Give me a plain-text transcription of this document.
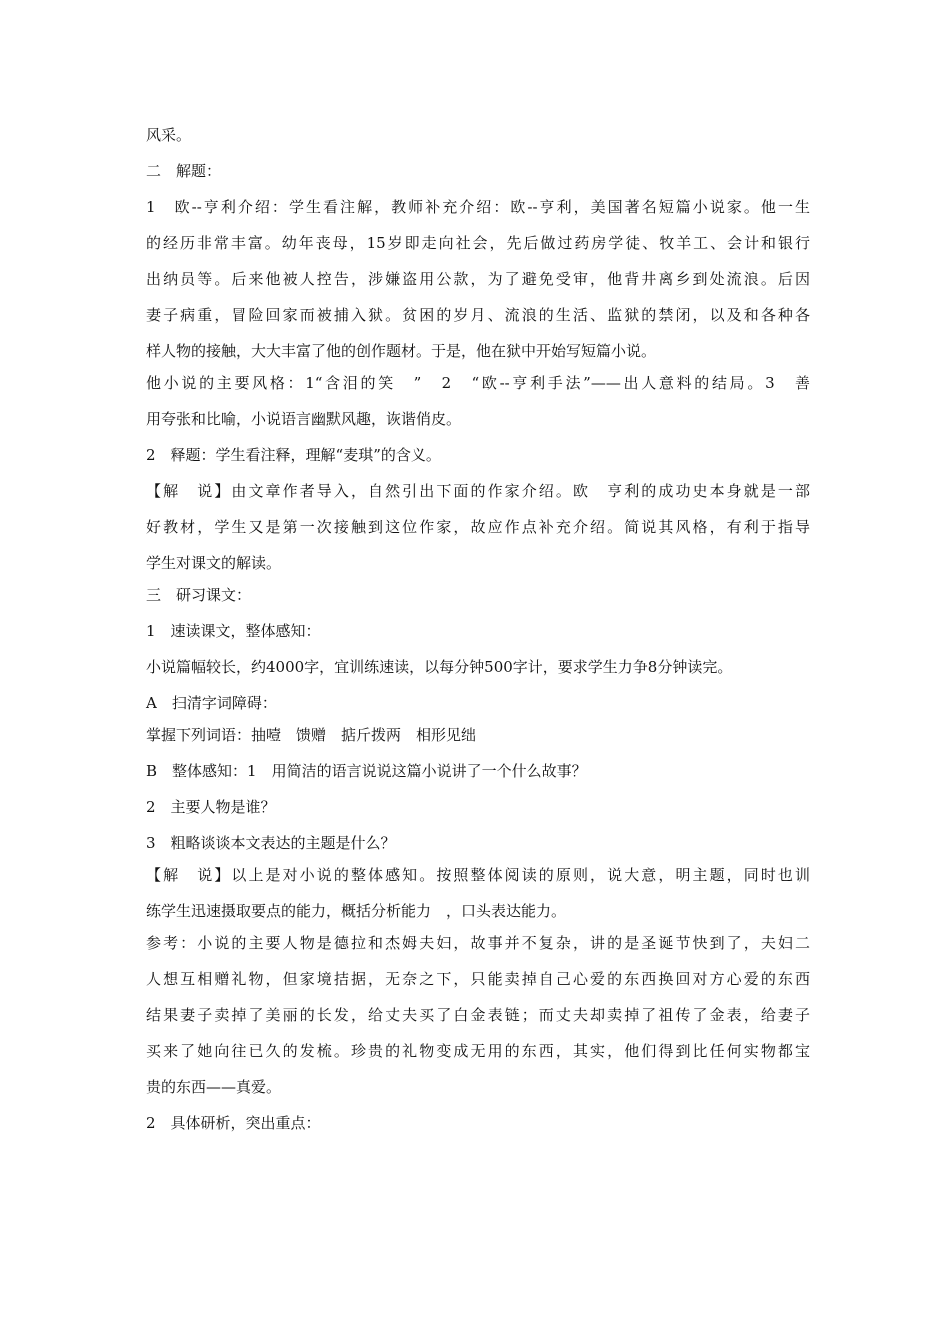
风采。
二　解题：
1　欧--亨利介绍：学生看注解，教师补充介绍：欧--亨利，美国著名短篇小说家。他一生
的经历非常丰富。幼年丧母，15岁即走向社会，先后做过药房学徒、牧羊工、会计和银行
出纳员等。后来他被人控告，涉嫌盗用公款，为了避免受审，他背井离乡到处流浪。后因
妻子病重，冒险回家而被捕入狱。贫困的岁月、流浪的生活、监狱的禁闭，以及和各种各
样人物的接触，大大丰富了他的创作题材。于是，他在狱中开始写短篇小说。
他小说的主要风格：1“含泪的笑　”　2　“欧--亨利手法”——出人意料的结局。3　善
用夸张和比喻，小说语言幽默风趣，诙谐俏皮。
2　释题：学生看注释，理解“麦琪”的含义。
【解　说】由文章作者导入，自然引出下面的作家介绍。欧　亨利的成功史本身就是一部
好教材，学生又是第一次接触到这位作家，故应作点补充介绍。简说其风格，有利于指导
学生对课文的解读。
三　研习课文：
1　速读课文，整体感知：
小说篇幅较长，约4000字，宜训练速读，以每分钟500字计，要求学生力争8分钟读完。
A　扫清字词障碍：
掌握下列词语：抽噎　馈赠　掂斤拨两　相形见绌
B　整体感知：1　用简洁的语言说说这篇小说讲了一个什么故事？
2　主要人物是谁？
3　粗略谈谈本文表达的主题是什么？
【解　说】以上是对小说的整体感知。按照整体阅读的原则，说大意，明主题，同时也训
练学生迅速摄取要点的能力，概括分析能力　，口头表达能力。
参考：小说的主要人物是德拉和杰姆夫妇，故事并不复杂，讲的是圣诞节快到了，夫妇二
人想互相赠礼物，但家境拮据，无奈之下，只能卖掉自己心爱的东西换回对方心爱的东西
结果妻子卖掉了美丽的长发，给丈夫买了白金表链；而丈夫却卖掉了祖传了金表，给妻子
买来了她向往已久的发梳。珍贵的礼物变成无用的东西，其实，他们得到比任何实物都宝
贵的东西——真爱。
2　具体研析，突出重点：
